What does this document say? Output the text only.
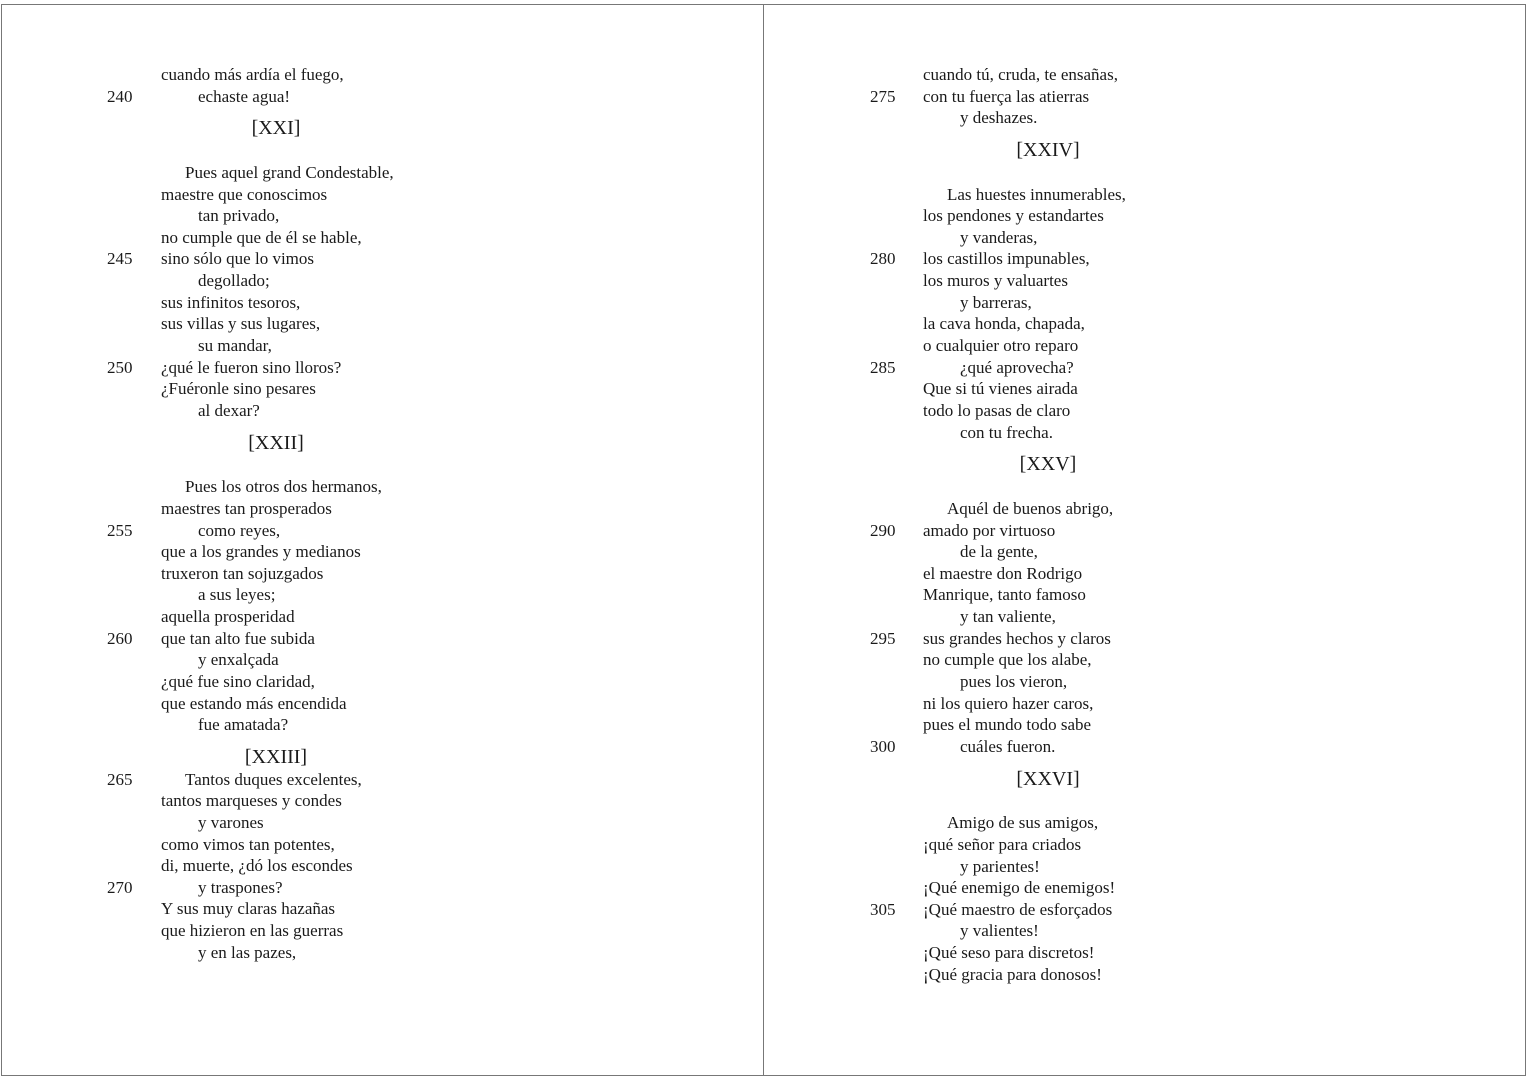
cuando más ardía el fuego,
240	echaste agua!
[XXI]
Pues aquel grand Condestable,
maestre que conoscimos
tan privado,
no cumple que de él se hable,
245 sino sólo que lo vimos
degollado;
sus infinitos tesoros,
sus villas y sus lugares,
su mandar,
250 ¿qué le fueron sino lloros?
¿Fuéronle sino pesares
al dexar?
[XXII]
Pues los otros dos hermanos,
maestres tan prosperados
255	como reyes,
que a los grandes y medianos
truxeron tan sojuzgados
a sus leyes;
aquella prosperidad
260 que tan alto fue subida
y enxalçada
¿qué fue sino claridad,
que estando más encendida
fue amatada?
[XXIII]
265	Tantos duques excelentes,
tantos marqueses y condes
y varones
como vimos tan potentes,
di, muerte, ¿dó los escondes
270	y traspones?
Y sus muy claras hazañas
que hizieron en las guerras
y en las pazes,
cuando tú, cruda, te ensañas,
275 con tu fuerça las atierras
y deshazes.
[XXIV]
Las huestes innumerables,
los pendones y estandartes
y vanderas,
280 los castillos impunables,
los muros y valuartes
y barreras,
la cava honda, chapada,
o cualquier otro reparo
285	¿qué aprovecha?
Que si tú vienes airada
todo lo pasas de claro
con tu frecha.
[XXV]
Aquél de buenos abrigo,
290 amado por virtuoso
de la gente,
el maestre don Rodrigo
Manrique, tanto famoso
y tan valiente,
295 sus grandes hechos y claros
no cumple que los alabe,
pues los vieron,
ni los quiero hazer caros,
pues el mundo todo sabe
300	cuáles fueron.
[XXVI]
Amigo de sus amigos,
¡qué señor para criados
y parientes!
¡Qué enemigo de enemigos!
305 ¡Qué maestro de esforçados
y valientes!
¡Qué seso para discretos!
¡Qué gracia para donosos!
